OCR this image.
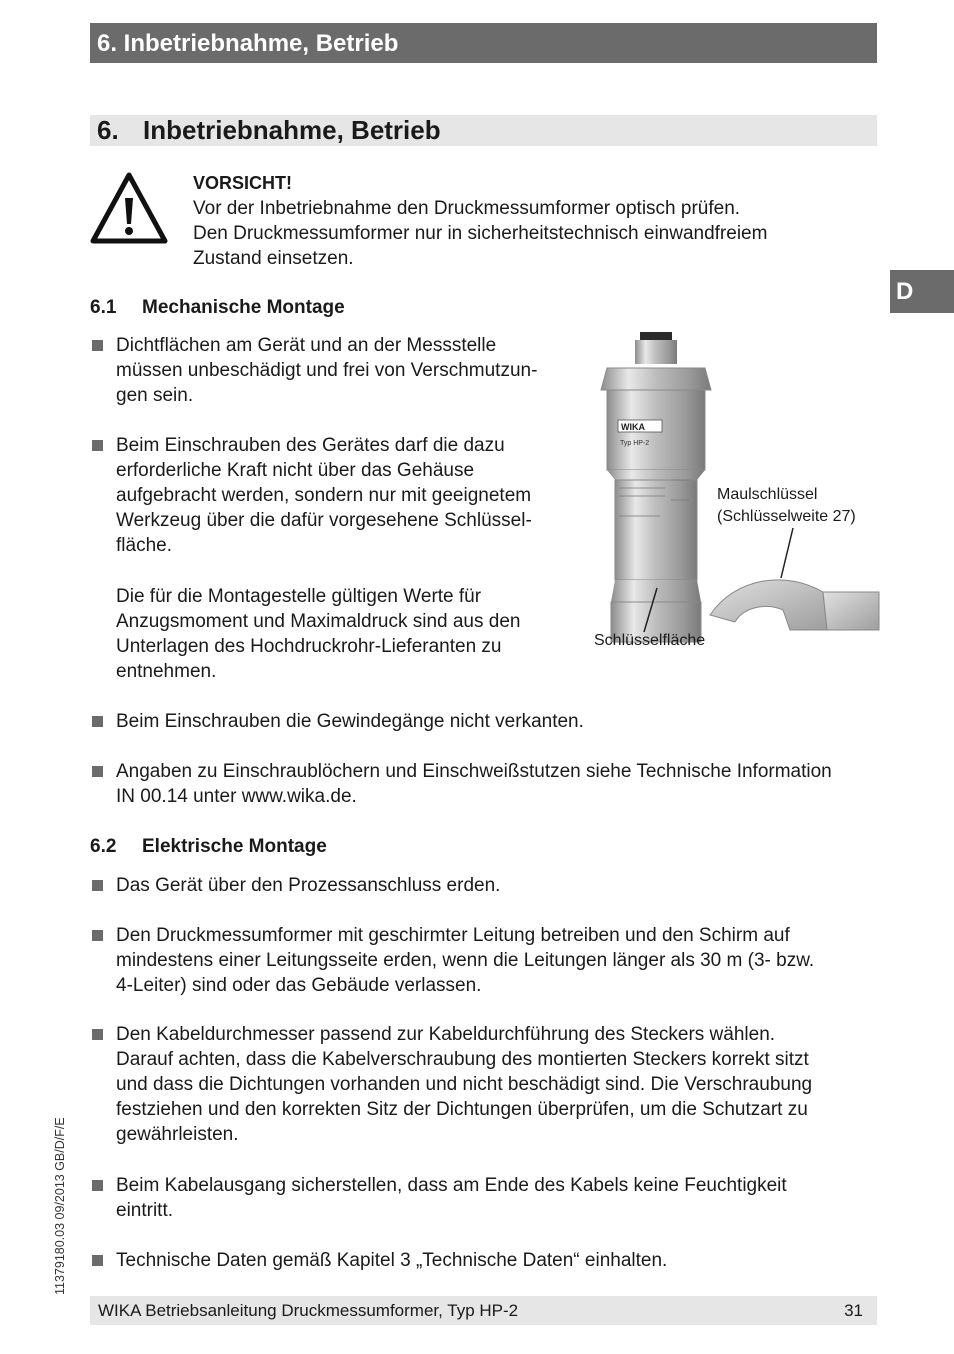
6. Inbetriebnahme, Betrieb
6. Inbetriebnahme, Betrieb
D
VORSICHT!
Vor der Inbetriebnahme den Druckmessumformer optisch prüfen.
Den Druckmessumformer nur in sicherheitstechnisch einwandfreiem
Zustand einsetzen.
6.1 Mechanische Montage
Dichtflächen am Gerät und an der Messstelle
müssen unbeschädigt und frei von Verschmutzun-
gen sein.
Beim Einschrauben des Gerätes darf die dazu
erforderliche Kraft nicht über das Gehäuse
aufgebracht werden, sondern nur mit geeignetem
Werkzeug über die dafür vorgesehene Schlüssel-
fläche.
Die für die Montagestelle gültigen Werte für
Anzugsmoment und Maximaldruck sind aus den
Unterlagen des Hochdruckrohr-Lieferanten zu
entnehmen.
WIKA
Typ HP-2
Maulschlüssel
(Schlüsselweite 27)
Schlüsselfläche
Beim Einschrauben die Gewindegänge nicht verkanten.
Angaben zu Einschraublöchern und Einschweißstutzen siehe Technische Information
IN 00.14 unter www.wika.de.
6.2 Elektrische Montage
Das Gerät über den Prozessanschluss erden.
Den Druckmessumformer mit geschirmter Leitung betreiben und den Schirm auf
mindestens einer Leitungsseite erden, wenn die Leitungen länger als 30 m (3- bzw.
4-Leiter) sind oder das Gebäude verlassen.
Den Kabeldurchmesser passend zur Kabeldurchführung des Steckers wählen.
Darauf achten, dass die Kabelverschraubung des montierten Steckers korrekt sitzt
und dass die Dichtungen vorhanden und nicht beschädigt sind. Die Verschraubung
festziehen und den korrekten Sitz der Dichtungen überprüfen, um die Schutzart zu
gewährleisten.
Beim Kabelausgang sicherstellen, dass am Ende des Kabels keine Feuchtigkeit
eintritt.
Technische Daten gemäß Kapitel 3 „Technische Daten“ einhalten.
11379180.03 09/2013 GB/D/F/E
WIKA Betriebsanleitung Druckmessumformer, Typ HP-2	31
